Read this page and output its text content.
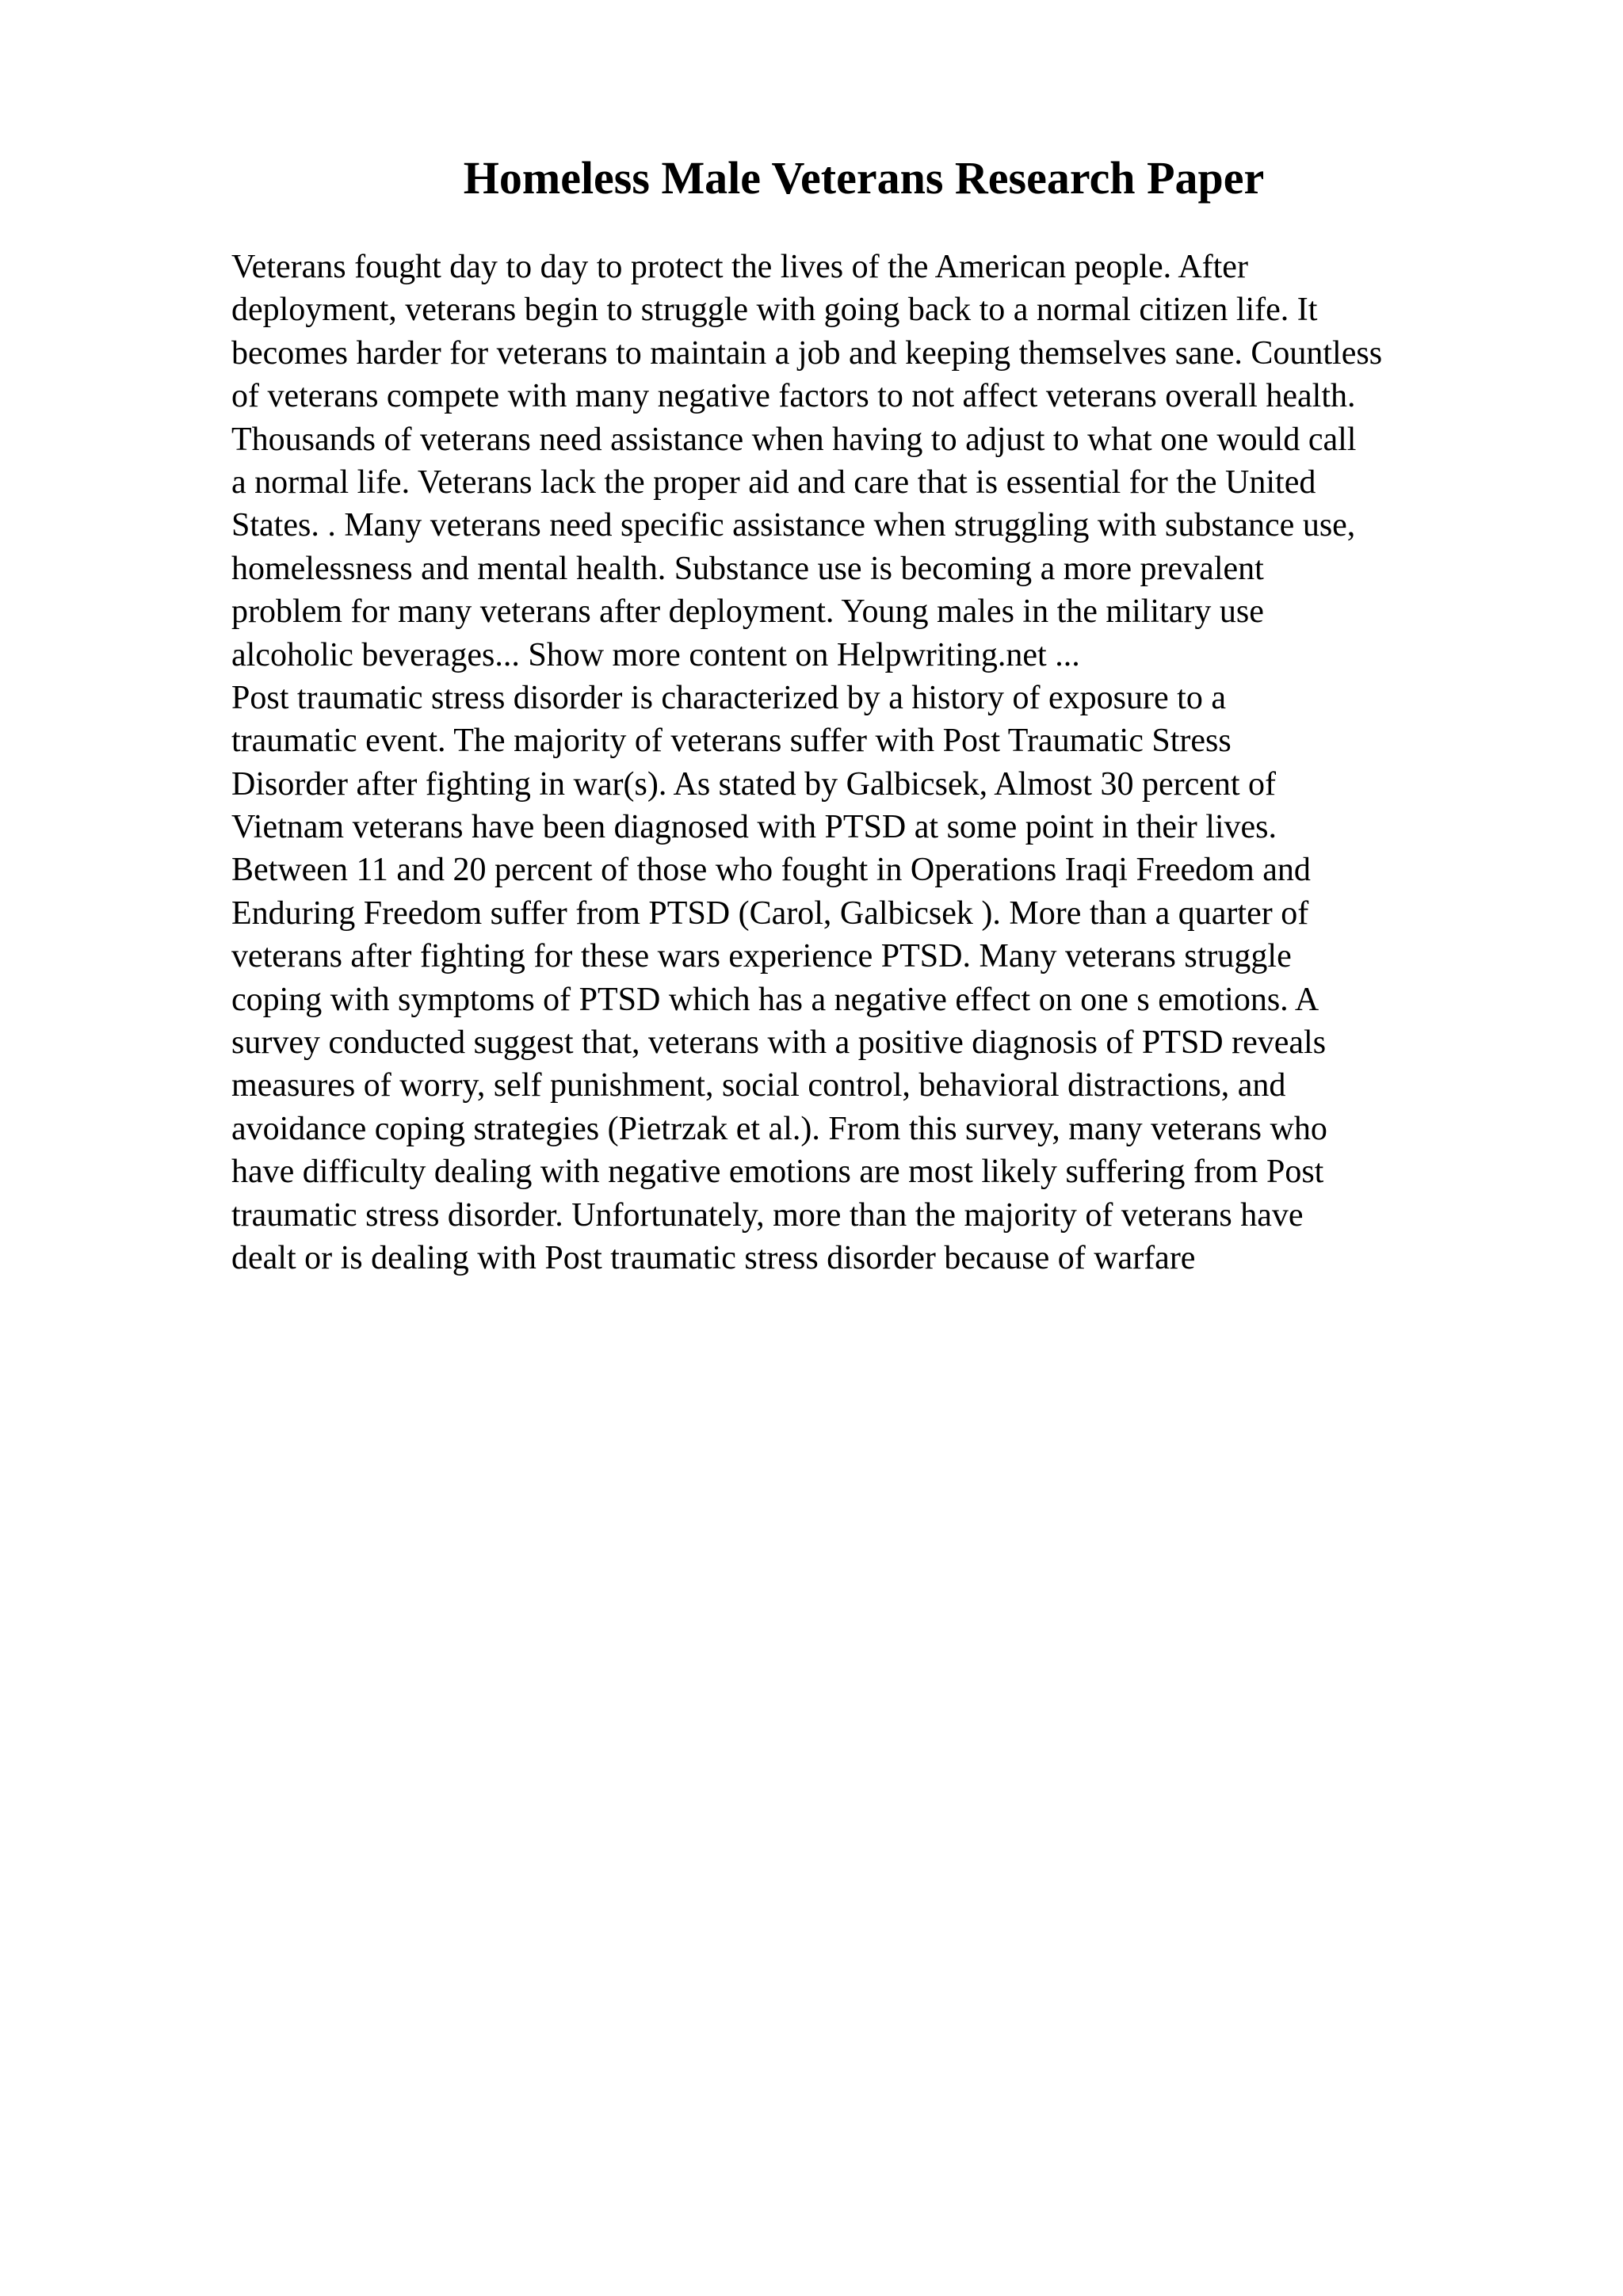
Homeless Male Veterans Research Paper
Veterans fought day to day to protect the lives of the American people. After
deployment, veterans begin to struggle with going back to a normal citizen life. It
becomes harder for veterans to maintain a job and keeping themselves sane. Countless
of veterans compete with many negative factors to not affect veterans overall health.
Thousands of veterans need assistance when having to adjust to what one would call
a normal life. Veterans lack the proper aid and care that is essential for the United
States. . Many veterans need specific assistance when struggling with substance use,
homelessness and mental health. Substance use is becoming a more prevalent
problem for many veterans after deployment. Young males in the military use
alcoholic beverages... Show more content on Helpwriting.net ...
Post traumatic stress disorder is characterized by a history of exposure to a
traumatic event. The majority of veterans suffer with Post Traumatic Stress
Disorder after fighting in war(s). As stated by Galbicsek, Almost 30 percent of
Vietnam veterans have been diagnosed with PTSD at some point in their lives.
Between 11 and 20 percent of those who fought in Operations Iraqi Freedom and
Enduring Freedom suffer from PTSD (Carol, Galbicsek ). More than a quarter of
veterans after fighting for these wars experience PTSD. Many veterans struggle
coping with symptoms of PTSD which has a negative effect on one s emotions. A
survey conducted suggest that, veterans with a positive diagnosis of PTSD reveals
measures of worry, self punishment, social control, behavioral distractions, and
avoidance coping strategies (Pietrzak et al.). From this survey, many veterans who
have difficulty dealing with negative emotions are most likely suffering from Post
traumatic stress disorder. Unfortunately, more than the majority of veterans have
dealt or is dealing with Post traumatic stress disorder because of warfare
